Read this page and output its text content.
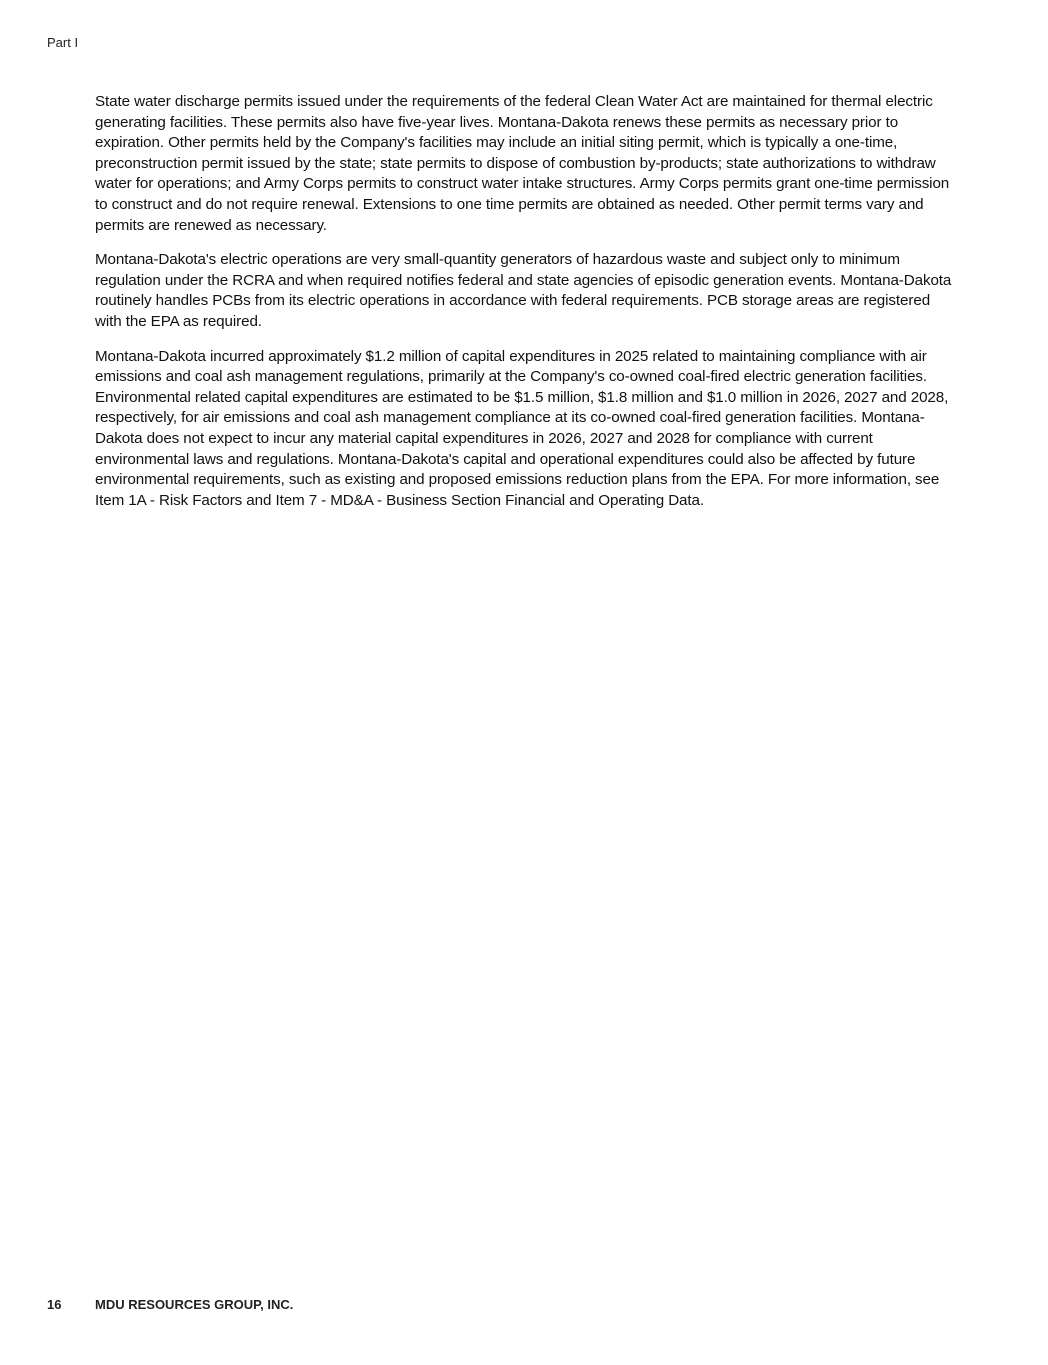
Part I

State water discharge permits issued under the requirements of the federal Clean Water Act are maintained for thermal electric generating facilities. These permits also have five-year lives. Montana-Dakota renews these permits as necessary prior to expiration. Other permits held by the Company's facilities may include an initial siting permit, which is typically a one-time, preconstruction permit issued by the state; state permits to dispose of combustion by-products; state authorizations to withdraw water for operations; and Army Corps permits to construct water intake structures. Army Corps permits grant one-time permission to construct and do not require renewal. Extensions to one time permits are obtained as needed. Other permit terms vary and permits are renewed as necessary.

Montana-Dakota's electric operations are very small-quantity generators of hazardous waste and subject only to minimum regulation under the RCRA and when required notifies federal and state agencies of episodic generation events. Montana-Dakota routinely handles PCBs from its electric operations in accordance with federal requirements. PCB storage areas are registered with the EPA as required.

Montana-Dakota incurred approximately $1.2 million of capital expenditures in 2025 related to maintaining compliance with air emissions and coal ash management regulations, primarily at the Company's co-owned coal-fired electric generation facilities. Environmental related capital expenditures are estimated to be $1.5 million, $1.8 million and $1.0 million in 2026, 2027 and 2028, respectively, for air emissions and coal ash management compliance at its co-owned coal-fired generation facilities. Montana-Dakota does not expect to incur any material capital expenditures in 2026, 2027 and 2028 for compliance with current environmental laws and regulations. Montana-Dakota's capital and operational expenditures could also be affected by future environmental requirements, such as existing and proposed emissions reduction plans from the EPA. For more information, see Item 1A - Risk Factors and Item 7 - MD&A - Business Section Financial and Operating Data.

16	MDU RESOURCES GROUP, INC.
